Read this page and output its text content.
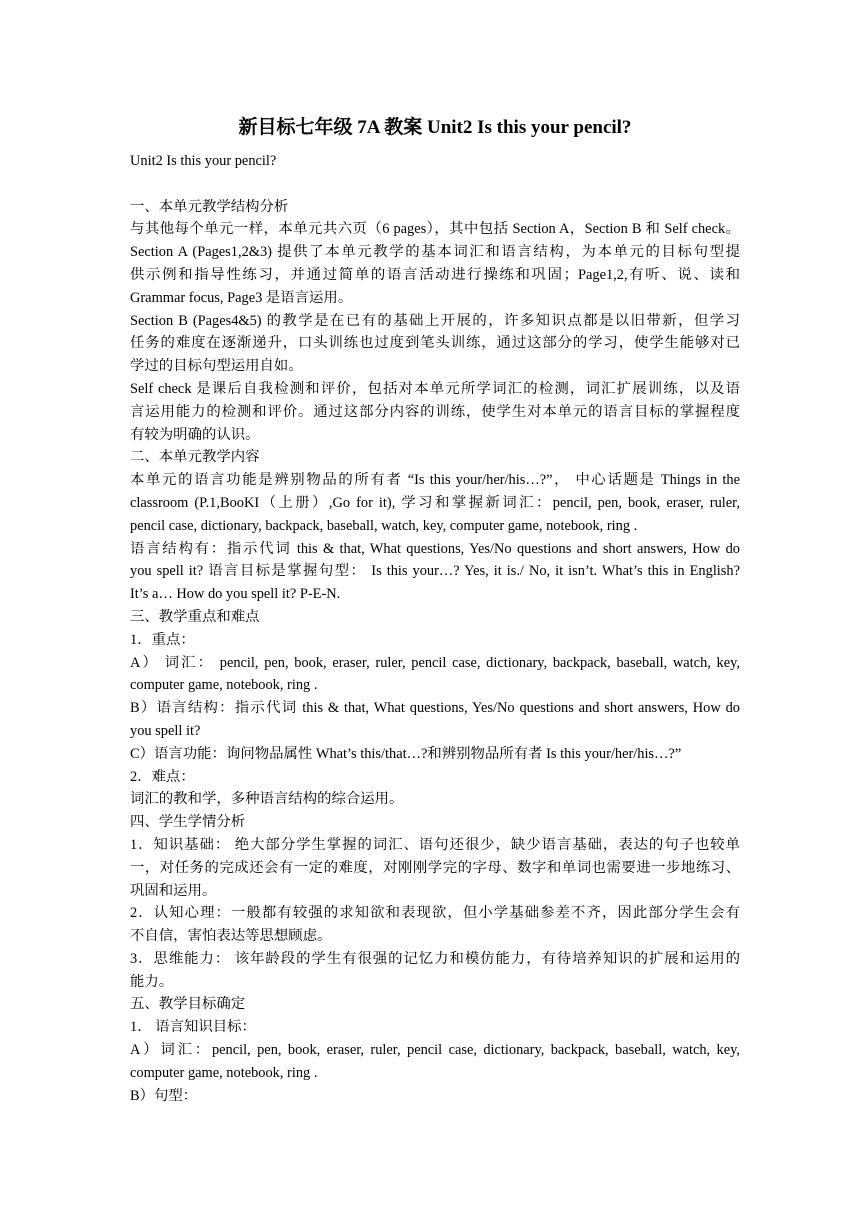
新目标七年级 7A 教案 Unit2 Is this your pencil?
Unit2 Is this your pencil?
一、本单元教学结构分析
与其他每个单元一样，本单元共六页（6 pages），其中包括 Section A，Section B 和 Self check。
Section A (Pages1,2&3) 提供了本单元教学的基本词汇和语言结构，为本单元的目标句型提
供示例和指导性练习，并通过简单的语言活动进行操练和巩固；Page1,2,有听、说、读和
Grammar focus, Page3 是语言运用。
Section B (Pages4&5) 的教学是在已有的基础上开展的，许多知识点都是以旧带新，但学习
任务的难度在逐渐递升，口头训练也过度到笔头训练，通过这部分的学习，使学生能够对已
学过的目标句型运用自如。
Self check 是课后自我检测和评价，包括对本单元所学词汇的检测，词汇扩展训练，以及语
言运用能力的检测和评价。通过这部分内容的训练，使学生对本单元的语言目标的掌握程度
有较为明确的认识。
二、本单元教学内容
本单元的语言功能是辨别物品的所有者 “Is this your/her/his…?”， 中心话题是 Things in the
classroom (P.1,BooKI（上册）,Go for it), 学习和掌握新词汇：pencil, pen, book, eraser, ruler,
pencil case, dictionary, backpack, baseball, watch, key, computer game, notebook, ring .
语言结构有：指示代词 this & that, What questions, Yes/No questions and short answers, How do
you spell it? 语言目标是掌握句型： Is this your…? Yes, it is./ No, it isn’t. What’s this in English?
It’s a… How do you spell it? P-E-N.
三、教学重点和难点
1．重点：
A） 词汇： pencil, pen, book, eraser, ruler, pencil case, dictionary, backpack, baseball, watch, key,
computer game, notebook, ring .
B）语言结构：指示代词 this & that, What questions, Yes/No questions and short answers, How do
you spell it?
C）语言功能：询问物品属性 What’s this/that…?和辨别物品所有者 Is this your/her/his…?”
2．难点：
词汇的教和学，多种语言结构的综合运用。
四、学生学情分析
1．知识基础： 绝大部分学生掌握的词汇、语句还很少，缺少语言基础，表达的句子也较单
一，对任务的完成还会有一定的难度，对刚刚学完的字母、数字和单词也需要进一步地练习、
巩固和运用。
2．认知心理：一般都有较强的求知欲和表现欲，但小学基础参差不齐，因此部分学生会有
不自信，害怕表达等思想顾虑。
3．思维能力： 该年龄段的学生有很强的记忆力和模仿能力，有待培养知识的扩展和运用的
能力。
五、教学目标确定
1． 语言知识目标：
A）词汇：pencil, pen, book, eraser, ruler, pencil case, dictionary, backpack, baseball, watch, key,
computer game, notebook, ring .
B）句型：
